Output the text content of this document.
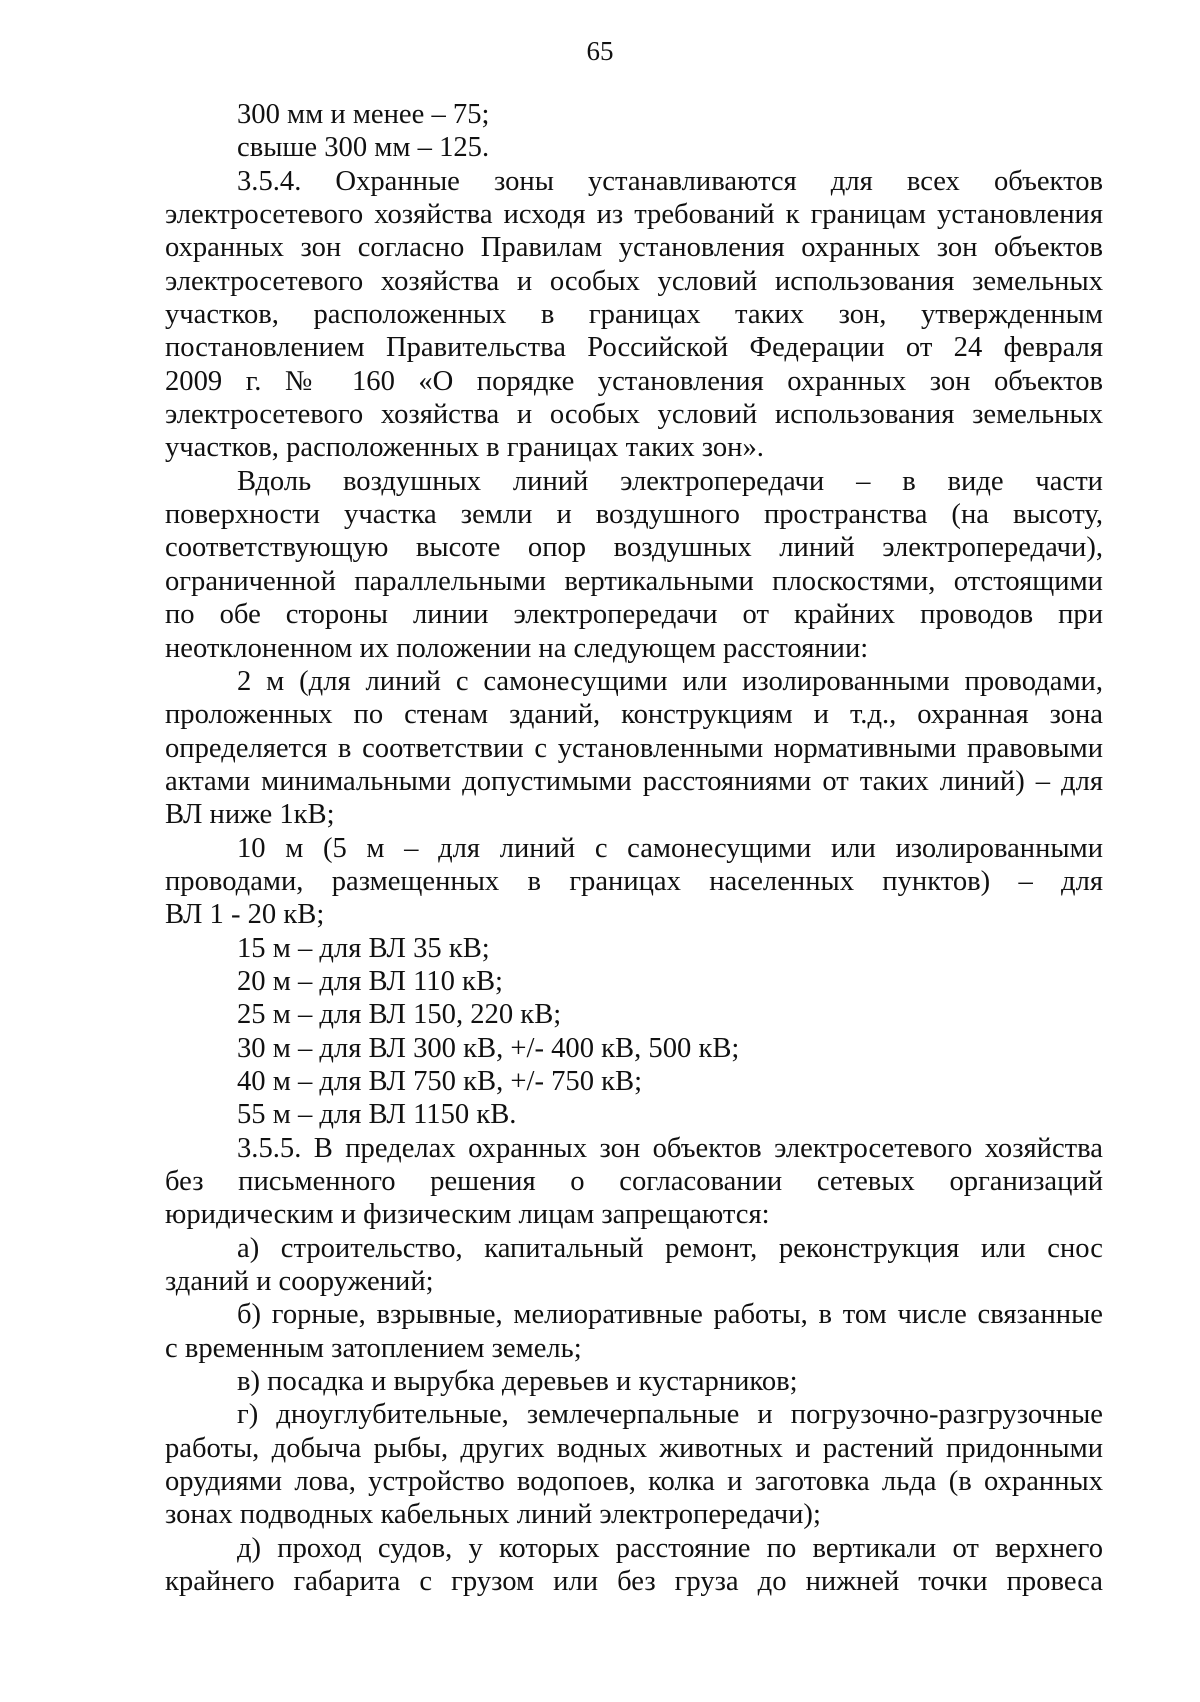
65
300 мм и менее – 75;
свыше 300 мм – 125.
3.5.4. Охранные зоны устанавливаются для всех объектов
электросетевого хозяйства исходя из требований к границам установления
охранных зон согласно Правилам установления охранных зон объектов
электросетевого хозяйства и особых условий использования земельных
участков, расположенных в границах таких зон, утвержденным
постановлением Правительства Российской Федерации от 24 февраля
2009 г. № 160 «О порядке установления охранных зон объектов
электросетевого хозяйства и особых условий использования земельных
участков, расположенных в границах таких зон».
Вдоль воздушных линий электропередачи – в виде части
поверхности участка земли и воздушного пространства (на высоту,
соответствующую высоте опор воздушных линий электропередачи),
ограниченной параллельными вертикальными плоскостями, отстоящими
по обе стороны линии электропередачи от крайних проводов при
неотклоненном их положении на следующем расстоянии:
2 м (для линий с самонесущими или изолированными проводами,
проложенных по стенам зданий, конструкциям и т.д., охранная зона
определяется в соответствии с установленными нормативными правовыми
актами минимальными допустимыми расстояниями от таких линий) – для
ВЛ ниже 1кВ;
10 м (5 м – для линий с самонесущими или изолированными
проводами, размещенных в границах населенных пунктов) – для
ВЛ 1 - 20 кВ;
15 м – для ВЛ 35 кВ;
20 м – для ВЛ 110 кВ;
25 м – для ВЛ 150, 220 кВ;
30 м – для ВЛ 300 кВ, +/- 400 кВ, 500 кВ;
40 м – для ВЛ 750 кВ, +/- 750 кВ;
55 м – для ВЛ 1150 кВ.
3.5.5. В пределах охранных зон объектов электросетевого хозяйства
без письменного решения о согласовании сетевых организаций
юридическим и физическим лицам запрещаются:
а) строительство, капитальный ремонт, реконструкция или снос
зданий и сооружений;
б) горные, взрывные, мелиоративные работы, в том числе связанные
с временным затоплением земель;
в) посадка и вырубка деревьев и кустарников;
г) дноуглубительные, землечерпальные и погрузочно-разгрузочные
работы, добыча рыбы, других водных животных и растений придонными
орудиями лова, устройство водопоев, колка и заготовка льда (в охранных
зонах подводных кабельных линий электропередачи);
д) проход судов, у которых расстояние по вертикали от верхнего
крайнего габарита с грузом или без груза до нижней точки провеса
